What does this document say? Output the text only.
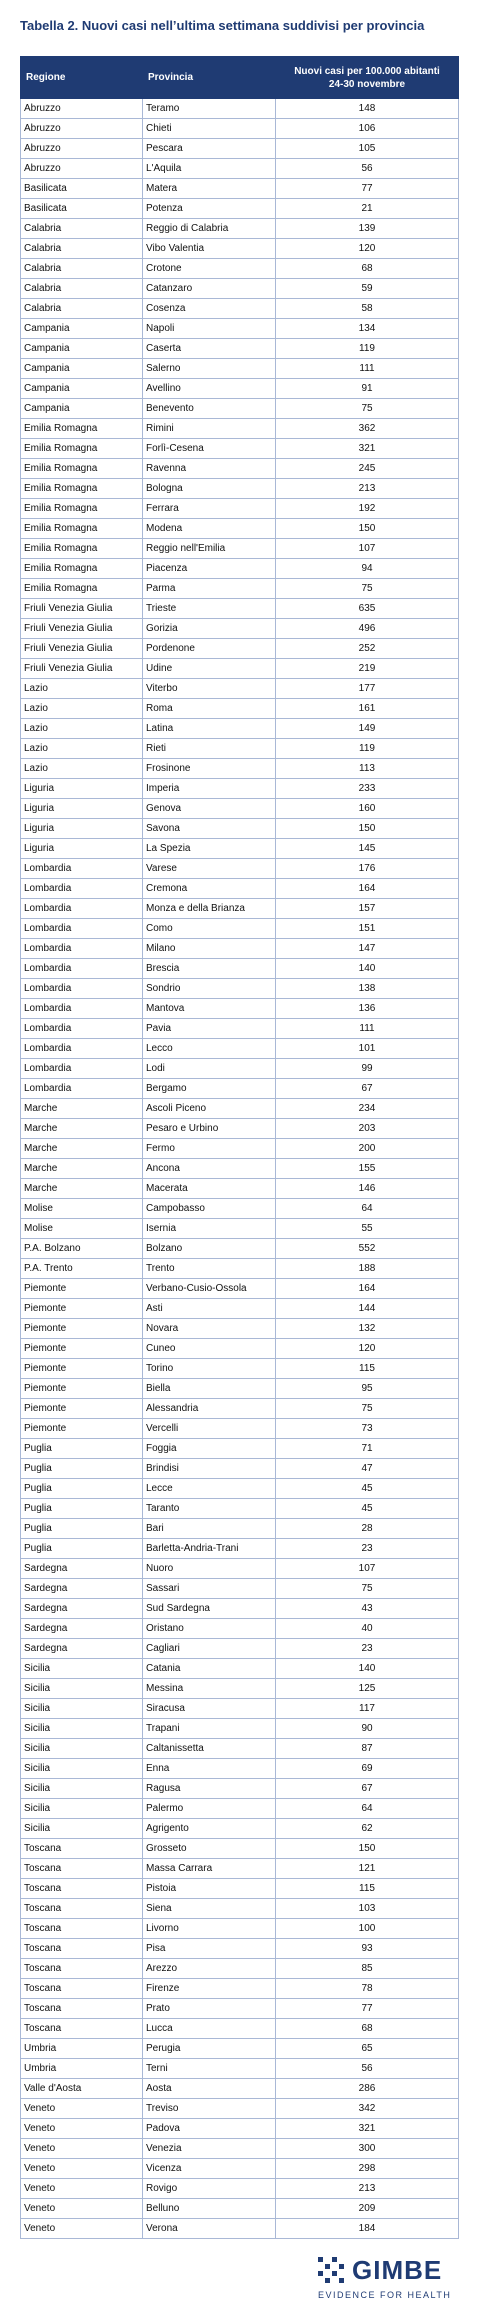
Tabella 2. Nuovi casi nell’ultima settimana suddivisi per provincia
Regione	Provincia	Nuovi casi per 100.000 abitanti
24-30 novembre

Abruzzo	Teramo	148
Abruzzo	Chieti	106
Abruzzo	Pescara	105
Abruzzo	L'Aquila	56
Basilicata	Matera	77
Basilicata	Potenza	21
Calabria	Reggio di Calabria	139
Calabria	Vibo Valentia	120
Calabria	Crotone	68
Calabria	Catanzaro	59
Calabria	Cosenza	58
Campania	Napoli	134
Campania	Caserta	119
Campania	Salerno	111
Campania	Avellino	91
Campania	Benevento	75
Emilia Romagna	Rimini	362
Emilia Romagna	Forlì-Cesena	321
Emilia Romagna	Ravenna	245
Emilia Romagna	Bologna	213
Emilia Romagna	Ferrara	192
Emilia Romagna	Modena	150
Emilia Romagna	Reggio nell'Emilia	107
Emilia Romagna	Piacenza	94
Emilia Romagna	Parma	75
Friuli Venezia Giulia	Trieste	635
Friuli Venezia Giulia	Gorizia	496
Friuli Venezia Giulia	Pordenone	252
Friuli Venezia Giulia	Udine	219
Lazio	Viterbo	177
Lazio	Roma	161
Lazio	Latina	149
Lazio	Rieti	119
Lazio	Frosinone	113
Liguria	Imperia	233
Liguria	Genova	160
Liguria	Savona	150
Liguria	La Spezia	145
Lombardia	Varese	176
Lombardia	Cremona	164
Lombardia	Monza e della Brianza	157
Lombardia	Como	151
Lombardia	Milano	147
Lombardia	Brescia	140
Lombardia	Sondrio	138
Lombardia	Mantova	136
Lombardia	Pavia	111
Lombardia	Lecco	101
Lombardia	Lodi	99
Lombardia	Bergamo	67
Marche	Ascoli Piceno	234
Marche	Pesaro e Urbino	203
Marche	Fermo	200
Marche	Ancona	155
Marche	Macerata	146
Molise	Campobasso	64
Molise	Isernia	55
P.A. Bolzano	Bolzano	552
P.A. Trento	Trento	188
Piemonte	Verbano-Cusio-Ossola	164
Piemonte	Asti	144
Piemonte	Novara	132
Piemonte	Cuneo	120
Piemonte	Torino	115
Piemonte	Biella	95
Piemonte	Alessandria	75
Piemonte	Vercelli	73
Puglia	Foggia	71
Puglia	Brindisi	47
Puglia	Lecce	45
Puglia	Taranto	45
Puglia	Bari	28
Puglia	Barletta-Andria-Trani	23
Sardegna	Nuoro	107
Sardegna	Sassari	75
Sardegna	Sud Sardegna	43
Sardegna	Oristano	40
Sardegna	Cagliari	23
Sicilia	Catania	140
Sicilia	Messina	125
Sicilia	Siracusa	117
Sicilia	Trapani	90
Sicilia	Caltanissetta	87
Sicilia	Enna	69
Sicilia	Ragusa	67
Sicilia	Palermo	64
Sicilia	Agrigento	62
Toscana	Grosseto	150
Toscana	Massa Carrara	121
Toscana	Pistoia	115
Toscana	Siena	103
Toscana	Livorno	100
Toscana	Pisa	93
Toscana	Arezzo	85
Toscana	Firenze	78
Toscana	Prato	77
Toscana	Lucca	68
Umbria	Perugia	65
Umbria	Terni	56
Valle d'Aosta	Aosta	286
Veneto	Treviso	342
Veneto	Padova	321
Veneto	Venezia	300
Veneto	Vicenza	298
Veneto	Rovigo	213
Veneto	Belluno	209
Veneto	Verona	184
GIMBE
EVIDENCE FOR HEALTH
